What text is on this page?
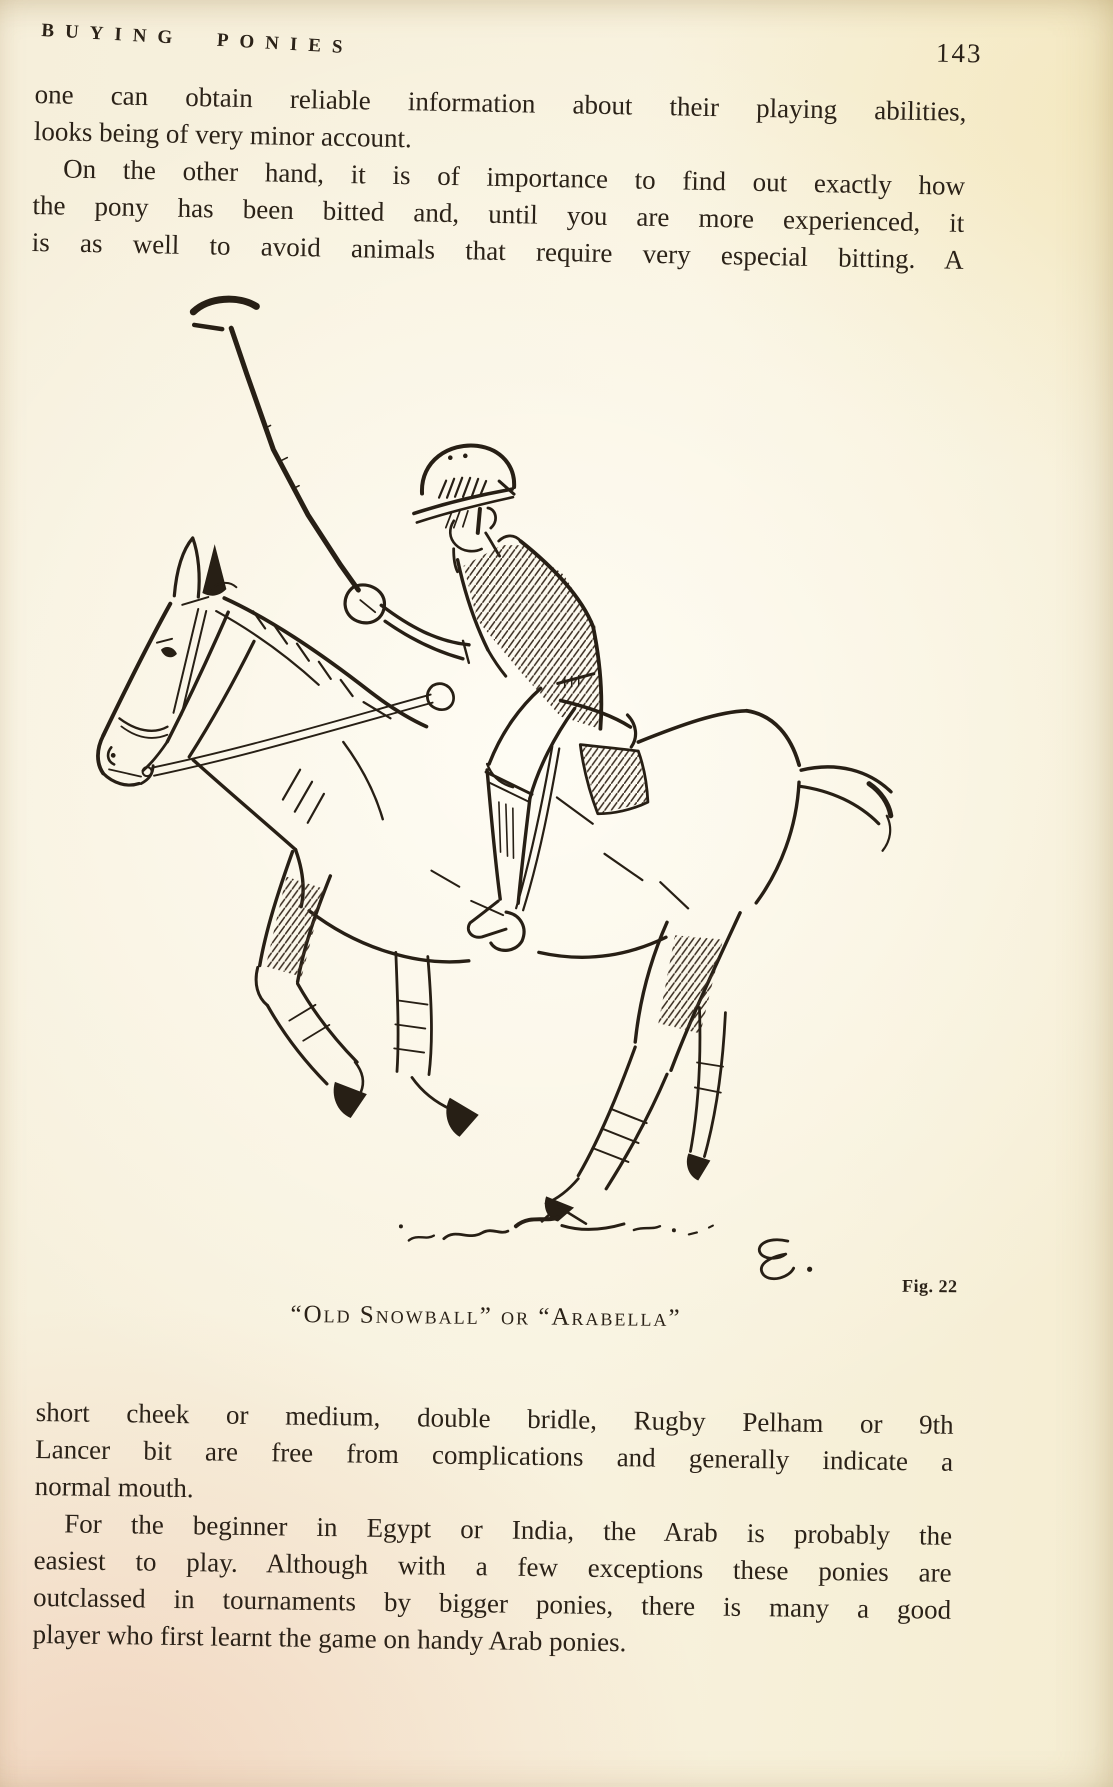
BUYING PONIES	143
one can obtain reliable information about their playing abilities,
looks being of very minor account.
On the other hand, it is of importance to find out exactly how
the pony has been bitted and, until you are more experienced, it
is as well to avoid animals that require very especial bitting. A
Fig. 22
“Old Snowball” or “Arabella”
short cheek or medium, double bridle, Rugby Pelham or 9th
Lancer bit are free from complications and generally indicate a
normal mouth.
For the beginner in Egypt or India, the Arab is probably the
easiest to play. Although with a few exceptions these ponies are
outclassed in tournaments by bigger ponies, there is many a good
player who first learnt the game on handy Arab ponies.
